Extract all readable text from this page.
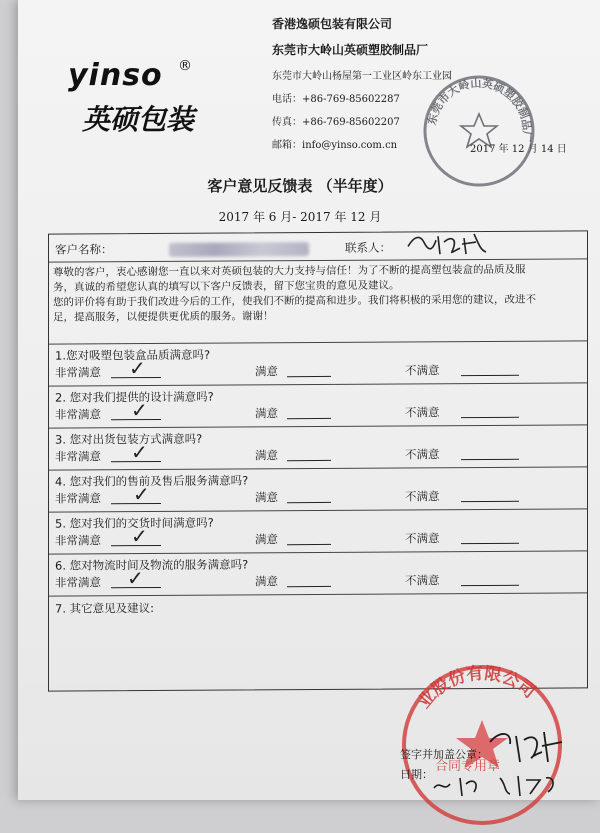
yinso ®
英硕包装
香港逸硕包装有限公司
东莞市大岭山英硕塑胶制品厂
东莞市大岭山杨屋第一工业区岭东工业园
电话：+86-769-85602287
传真：+86-769-85602207
邮箱：info@yinso.com.cn	2017 年 12 月 14 日
东莞市大岭山英硕塑胶制品厂
客户意见反馈表 （半年度）
2017 年 6 月- 2017 年 12 月
客户名称：	联系人：

尊敬的客户，衷心感谢您一直以来对英硕包装的大力支持与信任！为了不断的提高塑包装盒的品质及服

务，真诚的希望您认真的填写以下客户反馈表，留下您宝贵的意见及建议。

您的评价将有助于我们改进今后的工作，使我们不断的提高和进步。我们将积极的采用您的建议，改进不

足，提高服务，以便提供更优质的服务。谢谢！

1.您对吸塑包装盒品质满意吗?
非常满意 ✓	满意	不满意
2. 您对我们提供的设计满意吗?
非常满意 ✓	满意	不满意
3. 您对出货包装方式满意吗?
非常满意 ✓	满意	不满意
4. 您对我们的售前及售后服务满意吗?
非常满意 ✓	满意	不满意
5. 您对我们的交货时间满意吗?
非常满意 ✓	满意	不满意
6. 您对物流时间及物流的服务满意吗?
非常满意 ✓	满意	不满意
7. 其它意见及建议:
业股份有限公司
合同专用章
签字并加盖公章：
日期：
